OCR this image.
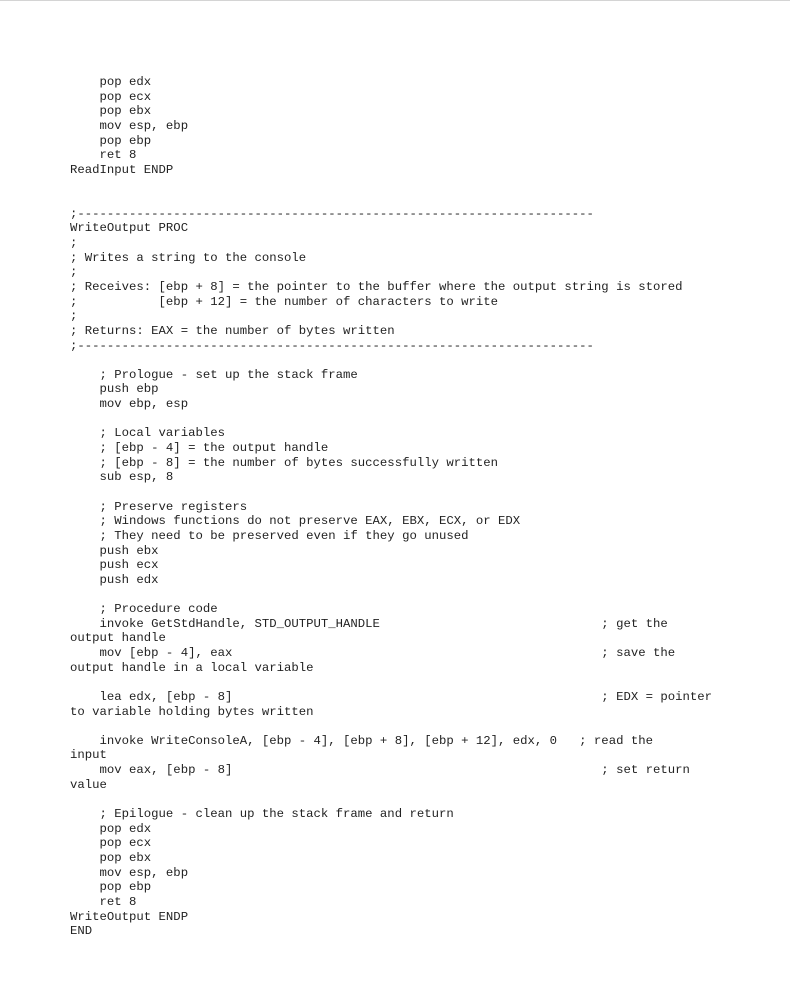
pop edx
pop ecx
pop ebx
mov esp, ebp
pop ebp
ret 8
ReadInput ENDP
;----------------------------------------------------------------------
WriteOutput PROC
;
; Writes a string to the console
;
; Receives: [ebp + 8] = the pointer to the buffer where the output string is stored
;           [ebp + 12] = the number of characters to write
;
; Returns: EAX = the number of bytes written
;----------------------------------------------------------------------
; Prologue - set up the stack frame
push ebp
mov ebp, esp
; Local variables
; [ebp - 4] = the output handle
; [ebp - 8] = the number of bytes successfully written
sub esp, 8
; Preserve registers
; Windows functions do not preserve EAX, EBX, ECX, or EDX
; They need to be preserved even if they go unused
push ebx
push ecx
push edx
; Procedure code
invoke GetStdHandle, STD_OUTPUT_HANDLE                              ; get the
output handle
mov [ebp - 4], eax                                                  ; save the
output handle in a local variable
lea edx, [ebp - 8]                                                  ; EDX = pointer
to variable holding bytes written
invoke WriteConsoleA, [ebp - 4], [ebp + 8], [ebp + 12], edx, 0   ; read the
input
mov eax, [ebp - 8]                                                  ; set return
value
; Epilogue - clean up the stack frame and return
pop edx
pop ecx
pop ebx
mov esp, ebp
pop ebp
ret 8
WriteOutput ENDP
END
